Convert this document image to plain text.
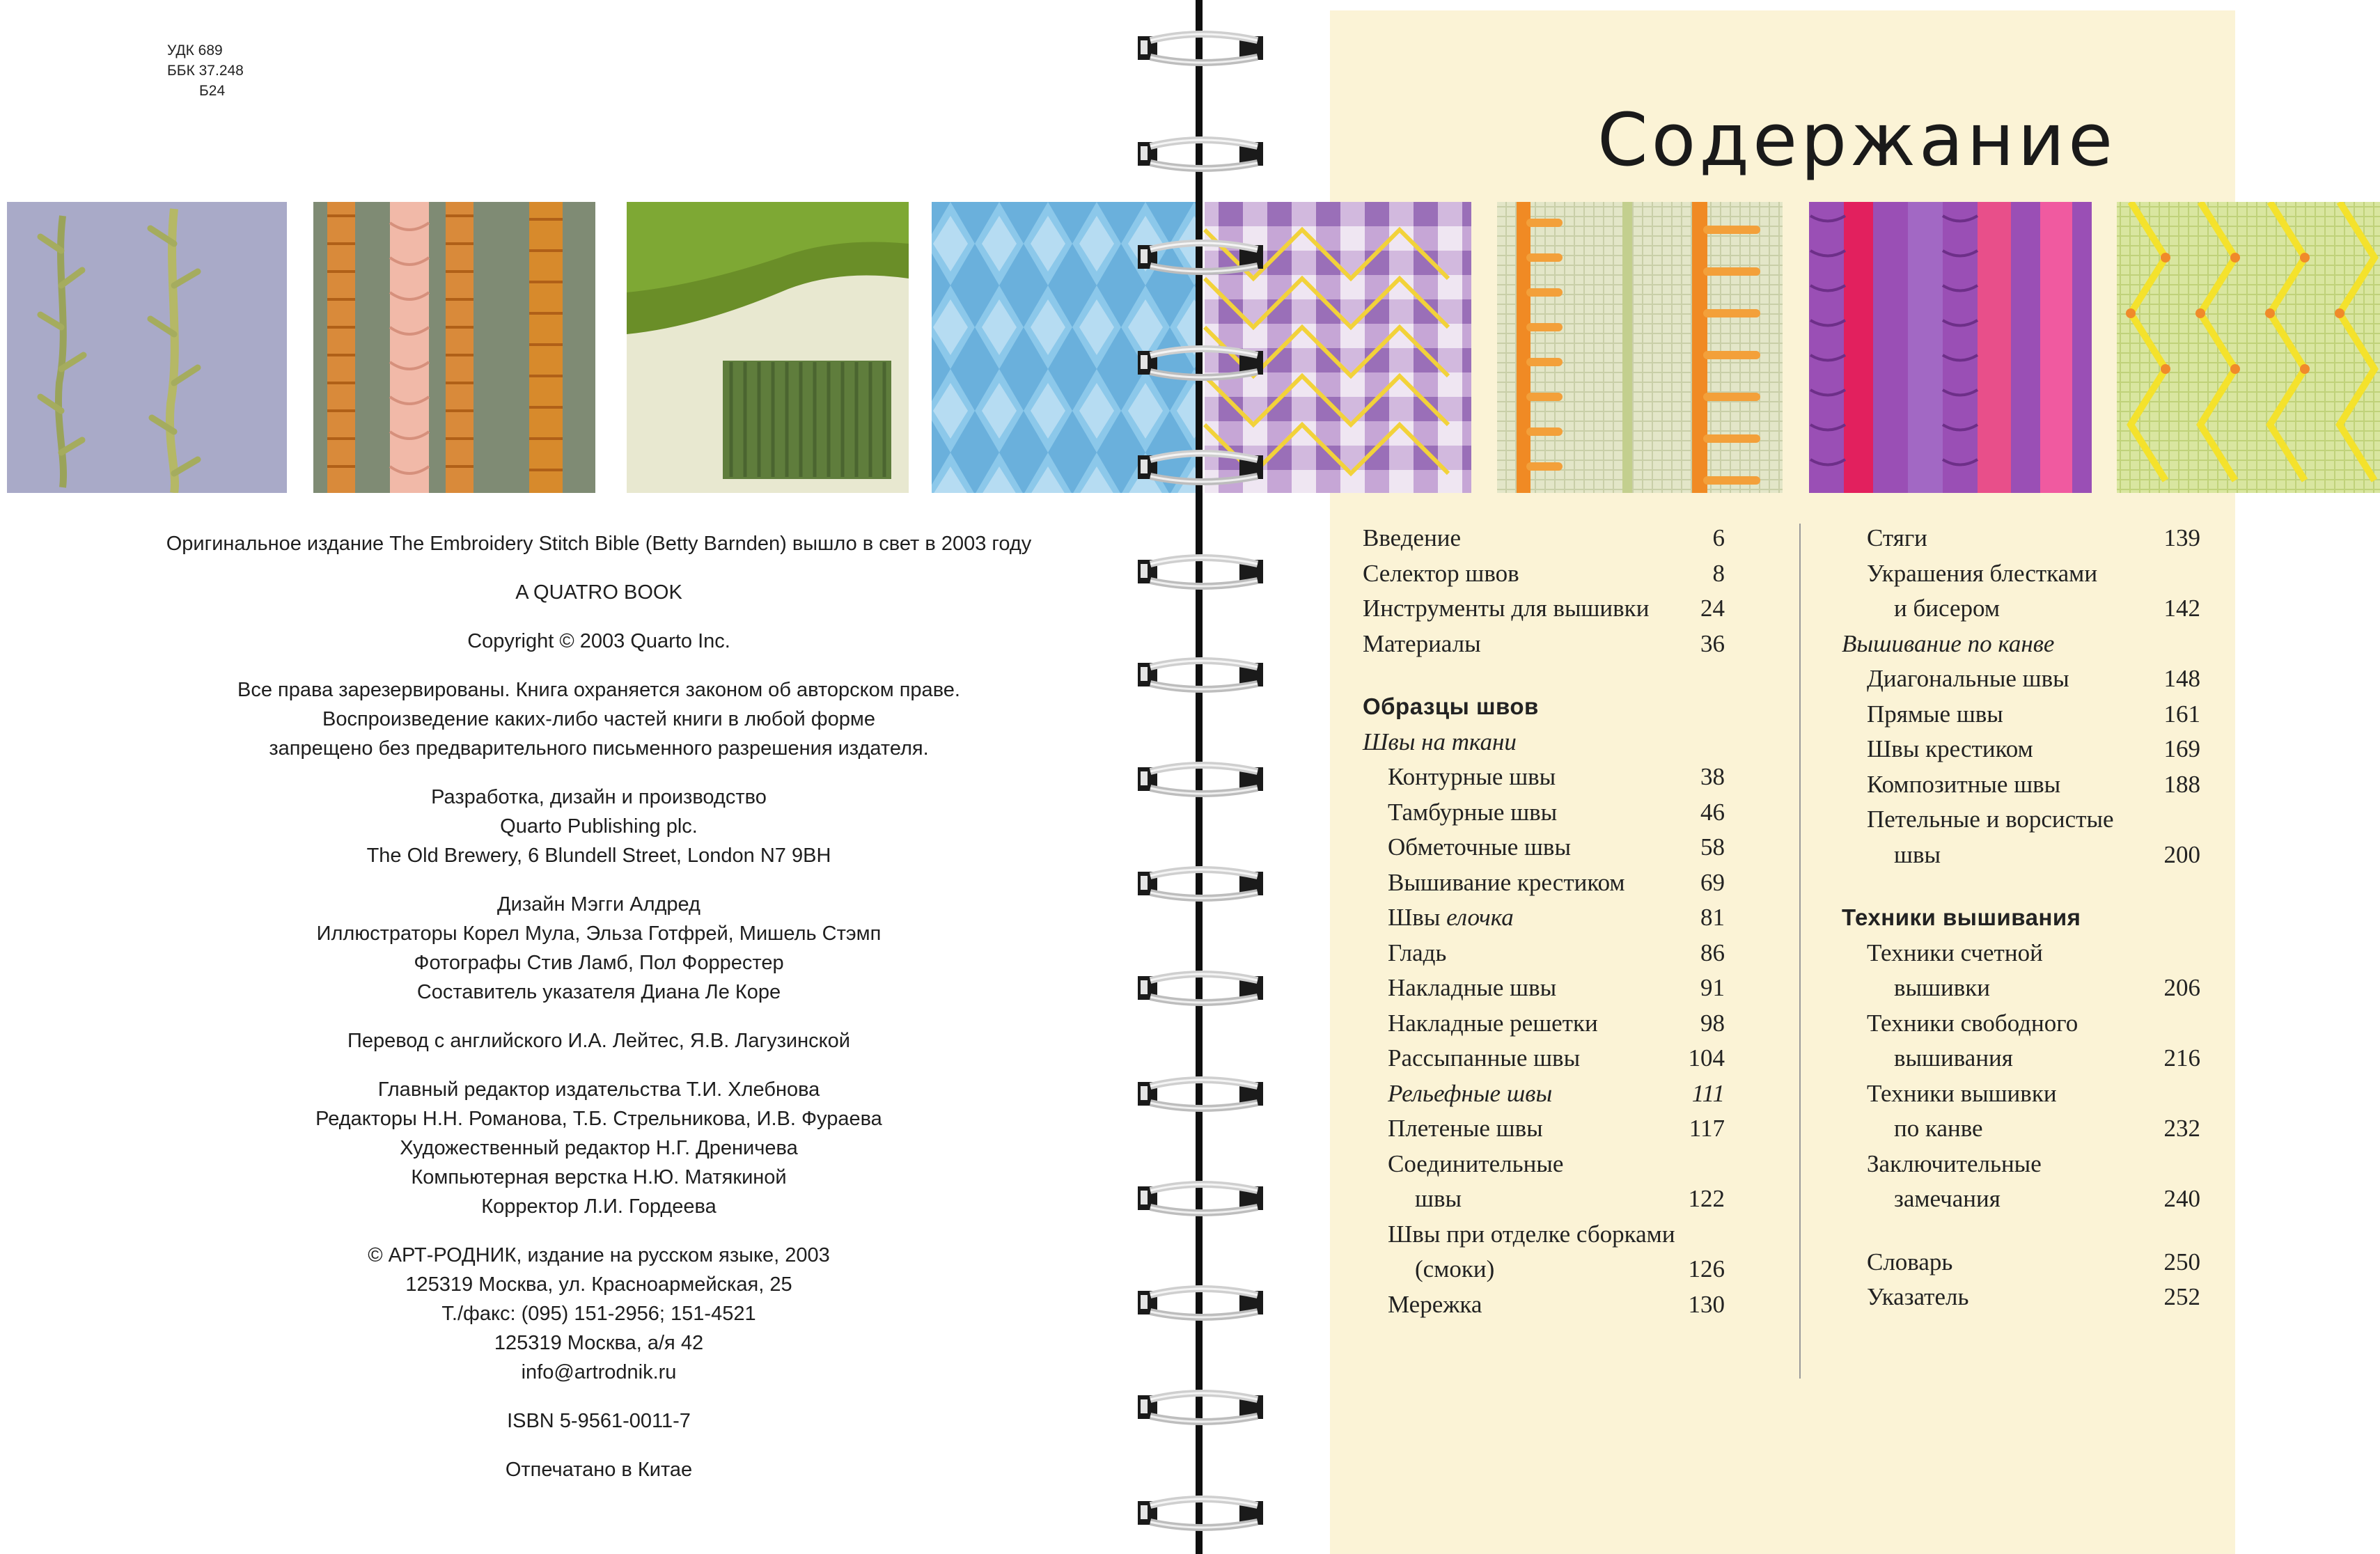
УДК 689
ББК 37.248
Б24
Оригинальное издание The Embroidery Stitch Bible (Betty Barnden) вышло в свет в 2003 году
A QUATRO BOOK
Copyright © 2003 Quarto Inc.
Все права зарезервированы. Книга охраняется законом об авторском праве.
Воспроизведение каких-либо частей книги в любой форме
запрещено без предварительного письменного разрешения издателя.
Разработка, дизайн и производство
Quarto Publishing plc.
The Old Brewery, 6 Blundell Street, London N7 9BH
Дизайн Мэгги Алдред
Иллюстраторы Корел Мула, Эльза Готфрей, Мишель Стэмп
Фотографы Стив Ламб, Пол Форрестер
Составитель указателя Диана Ле Коре
Перевод с английского И.А. Лейтес, Я.В. Лагузинской
Главный редактор издательства Т.И. Хлебнова
Редакторы Н.Н. Романова, Т.Б. Стрельникова, И.В. Фураева
Художественный редактор Н.Г. Дреничева
Компьютерная верстка Н.Ю. Матякиной
Корректор Л.И. Гордеева
© АРТ-РОДНИК, издание на русском языке, 2003
125319 Москва, ул. Красноармейская, 25
Т./факс: (095) 151-2956; 151-4521
125319 Москва, а/я 42
info@artrodnik.ru
ISBN 5-9561-0011-7
Отпечатано в Китае
Содержание
Введение	6
Селектор швов	8
Инструменты для вышивки 24
Материалы	36
Образцы швов
Швы на ткани
Контурные швы	38
Тамбурные швы	46
Обметочные швы	58
Вышивание крестиком	69
Швы елочка	81
Гладь	86
Накладные швы	91
Накладные решетки	98
Рассыпанные швы	104
Рельефные швы	111
Плетеные швы	117
Соединительные
швы	122
Швы при отделке сборками
(смоки)	126
Мережка	130
Стяги	139
Украшения блестками
и бисером	142
Вышивание по канве
Диагональные швы	148
Прямые швы	161
Швы крестиком	169
Композитные швы	188
Петельные и ворсистые
швы	200
Техники вышивания
Техники счетной
вышивки	206
Техники свободного
вышивания	216
Техники вышивки
по канве	232
Заключительные
замечания	240
Словарь	250
Указатель	252
